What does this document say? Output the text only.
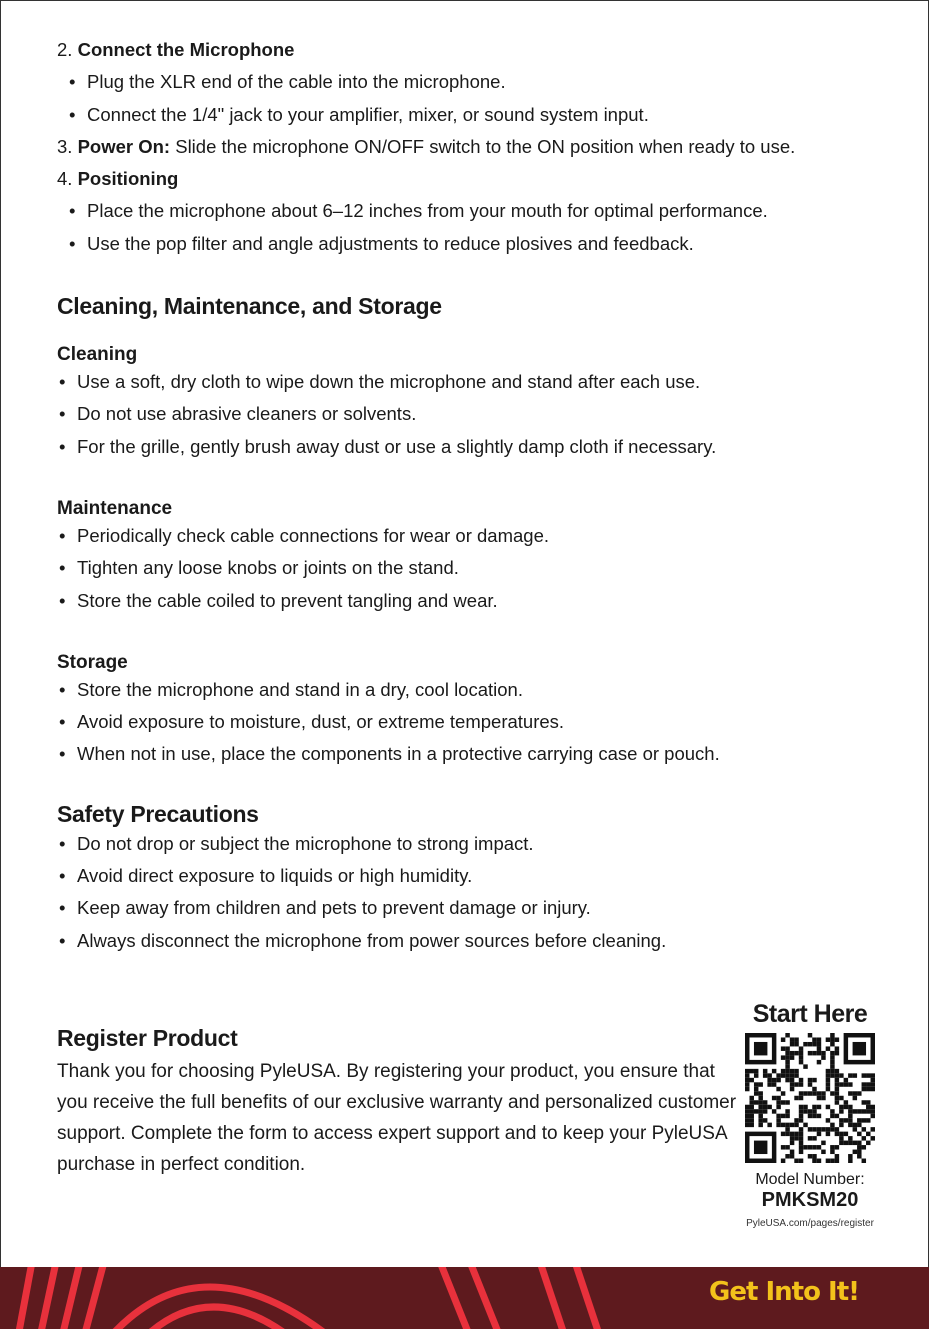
2. Connect the Microphone
• Plug the XLR end of the cable into the microphone.
• Connect the 1/4" jack to your amplifier, mixer, or sound system input.
3. Power On: Slide the microphone ON/OFF switch to the ON position when ready to use.
4. Positioning
• Place the microphone about 6–12 inches from your mouth for optimal performance.
• Use the pop filter and angle adjustments to reduce plosives and feedback.
Cleaning, Maintenance, and Storage
Cleaning
• Use a soft, dry cloth to wipe down the microphone and stand after each use.
• Do not use abrasive cleaners or solvents.
• For the grille, gently brush away dust or use a slightly damp cloth if necessary.
Maintenance
• Periodically check cable connections for wear or damage.
• Tighten any loose knobs or joints on the stand.
• Store the cable coiled to prevent tangling and wear.
Storage
• Store the microphone and stand in a dry, cool location.
• Avoid exposure to moisture, dust, or extreme temperatures.
• When not in use, place the components in a protective carrying case or pouch.
Safety Precautions
• Do not drop or subject the microphone to strong impact.
• Avoid direct exposure to liquids or high humidity.
• Keep away from children and pets to prevent damage or injury.
• Always disconnect the microphone from power sources before cleaning.
Register Product
Thank you for choosing PyleUSA. By registering your product, you ensure that you receive the full benefits of our exclusive warranty and personalized customer support. Complete the form to access expert support and to keep your PyleUSA purchase in perfect condition.
Start Here
Model Number:
PMKSM20
PyleUSA.com/pages/register
Get Into It!
